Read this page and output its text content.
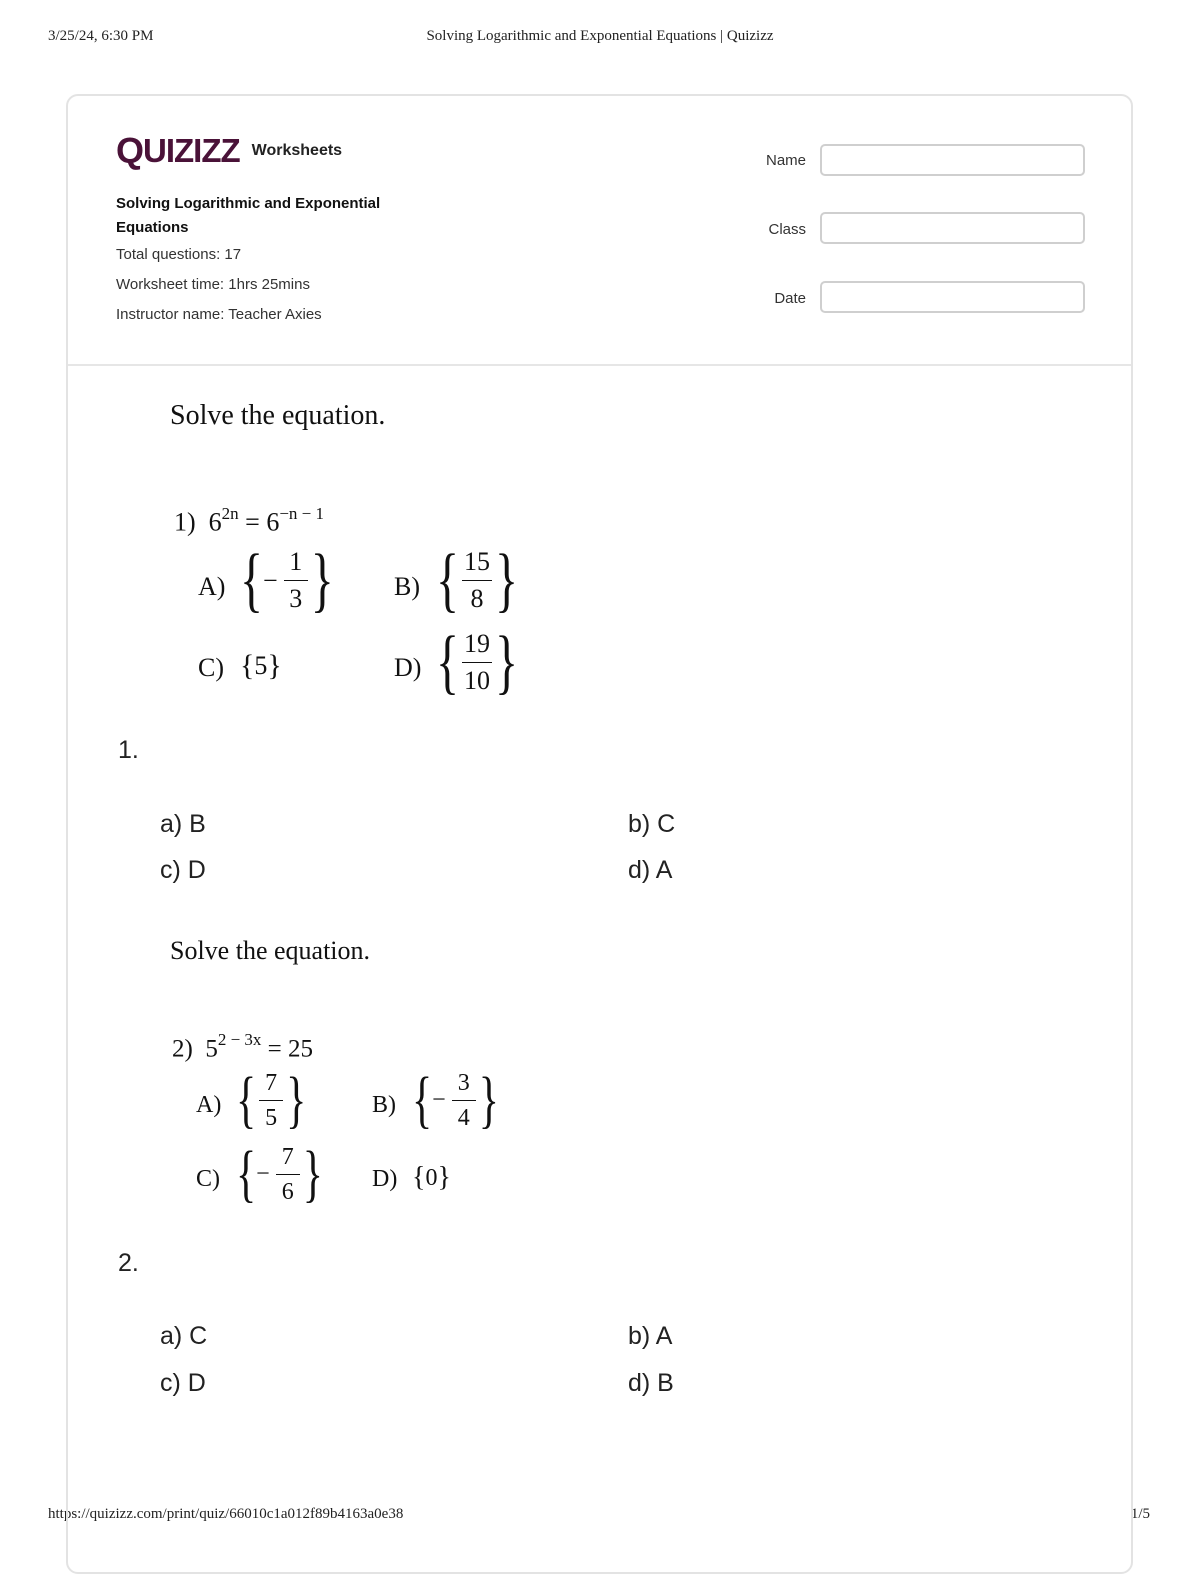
3/25/24, 6:30 PM	Solving Logarithmic and Exponential Equations | Quizizz
https://quizizz.com/print/quiz/66010c1a012f89b4163a0e38	1/5
Q UIZIZZ Worksheets
Solving Logarithmic and Exponential Equations
Total questions: 17
Worksheet time: 1hrs 25mins
Instructor name: Teacher Axies
Name
Class
Date
Solve the equation.
1) $6^{2n} = 6^{-n - 1}$
A) { − $\frac{1}{3}$ } B) { $\frac{15}{8}$ }
C) { 5 }	D) { $\frac{19}{10}$ }
1.
a) B	b) C
c) D	d) A
Solve the equation.
2) $5^{2 - 3x} = 25$
A) { $\frac{7}{5}$ }	B) { − $\frac{3}{4}$ }
C) { − $\frac{7}{6}$ } D) { 0 }
2.
a) C	b) A
c) D	d) B
